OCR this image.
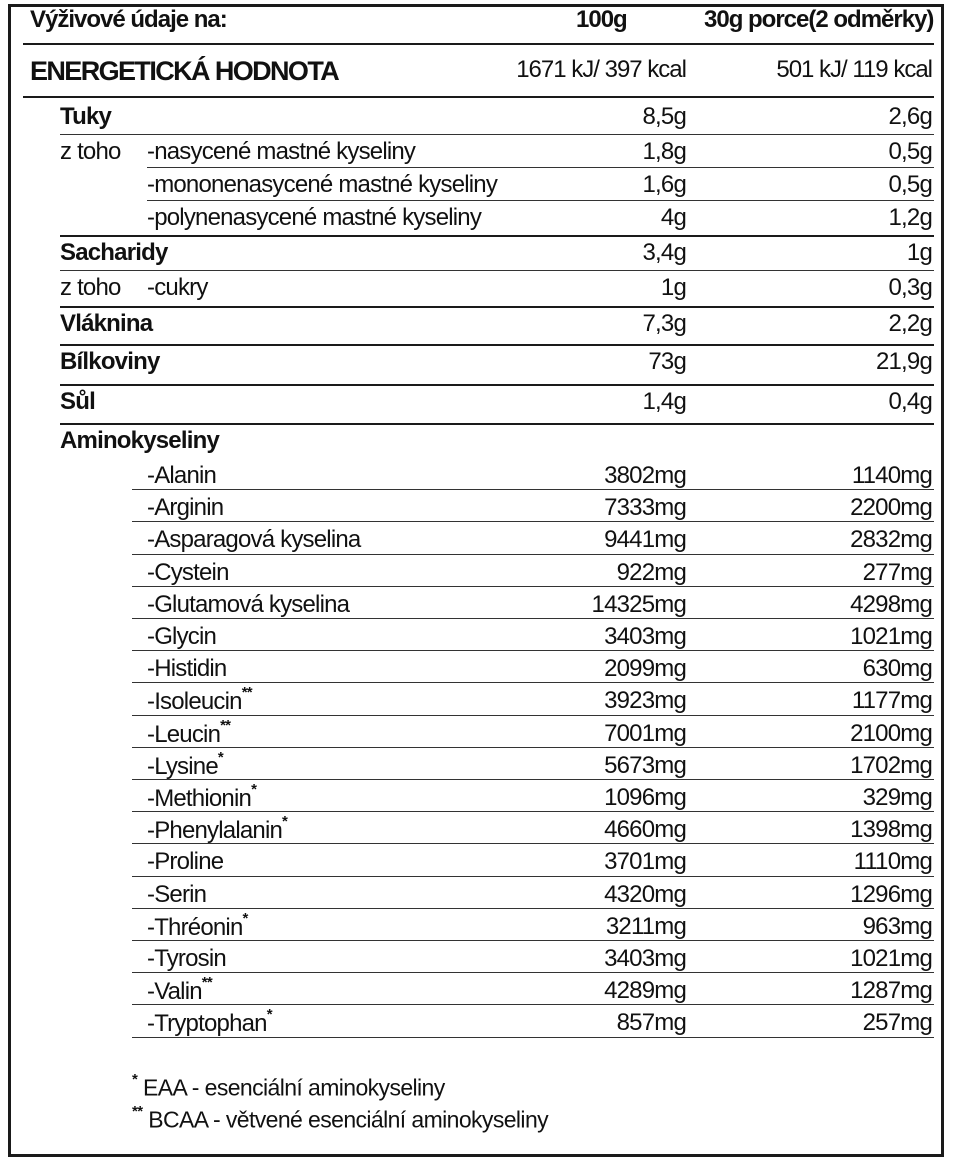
Výživové údaje na:	100g	30g porce(2 odměrky)
ENERGETICKÁ HODNOTA	1671 kJ/ 397 kcal	501 kJ/ 119 kcal
Tuky	8,5g	2,6g
z toho -nasycené mastné kyseliny	1,8g	0,5g
-mononenasycené mastné kyseliny	1,6g	0,5g
-polynenasycené mastné kyseliny	4g	1,2g
Sacharidy	3,4g	1g
z toho -cukry	1g	0,3g
Vláknina	7,3g	2,2g
Bílkoviny	73g	21,9g
Sůl	1,4g	0,4g
Aminokyseliny
-Alanin	3802mg	1140mg
-Arginin	7333mg	2200mg
-Asparagová kyselina	9441mg	2832mg
-Cystein	922mg	277mg
-Glutamová kyselina	14325mg	4298mg
-Glycin	3403mg	1021mg
-Histidin	2099mg	630mg
-Isoleucin**	3923mg	1177mg
-Leucin**	7001mg	2100mg
-Lysine*	5673mg	1702mg
-Methionin*	1096mg	329mg
-Phenylalanin*	4660mg	1398mg
-Proline	3701mg	1110mg
-Serin	4320mg	1296mg
-Thréonin*	3211mg	963mg
-Tyrosin	3403mg	1021mg
-Valin**	4289mg	1287mg
-Tryptophan*	857mg	257mg
* EAA - esenciální aminokyseliny
** BCAA - větvené esenciální aminokyseliny
